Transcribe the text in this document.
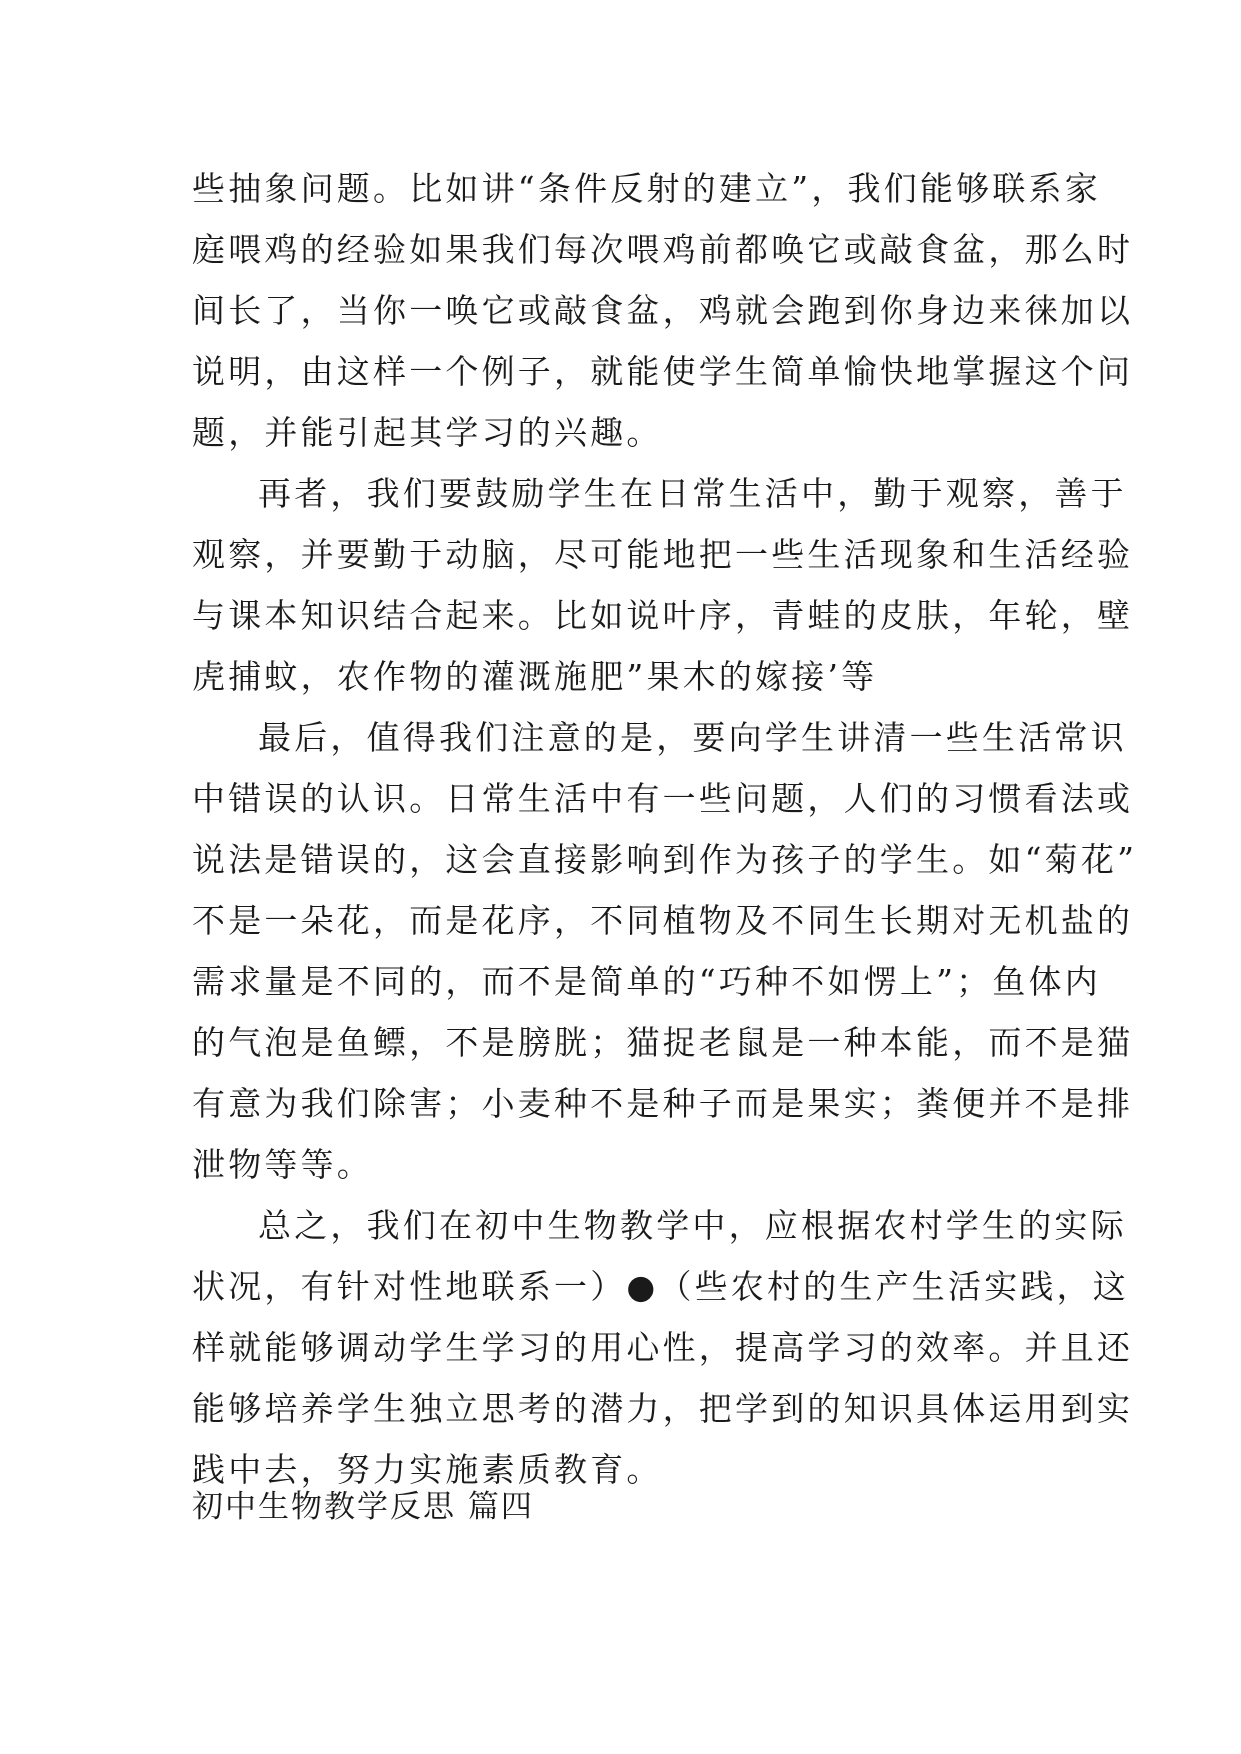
些抽象问题。比如讲“条件反射的建立”，我们能够联系家
庭喂鸡的经验如果我们每次喂鸡前都唤它或敲食盆，那么时
间长了，当你一唤它或敲食盆，鸡就会跑到你身边来徕加以
说明，由这样一个例子，就能使学生简单愉快地掌握这个问
题，并能引起其学习的兴趣。
再者，我们要鼓励学生在日常生活中，勤于观察，善于
观察，并要勤于动脑，尽可能地把一些生活现象和生活经验
与课本知识结合起来。比如说叶序，青蛙的皮肤，年轮，壁
虎捕蚊，农作物的灌溉施肥”果木的嫁接’等
最后，值得我们注意的是，要向学生讲清一些生活常识
中错误的认识。日常生活中有一些问题，人们的习惯看法或
说法是错误的，这会直接影响到作为孩子的学生。如“菊花”
不是一朵花，而是花序，不同植物及不同生长期对无机盐的
需求量是不同的，而不是简单的“巧种不如愣上”；鱼体内
的气泡是鱼鳔，不是膀胱；猫捉老鼠是一种本能，而不是猫
有意为我们除害；小麦种不是种子而是果实；粪便并不是排
泄物等等。
总之，我们在初中生物教学中，应根据农村学生的实际
状况，有针对性地联系一）●（些农村的生产生活实践，这
样就能够调动学生学习的用心性，提高学习的效率。并且还
能够培养学生独立思考的潜力，把学到的知识具体运用到实
践中去，努力实施素质教育。
初中生物教学反思 篇四
